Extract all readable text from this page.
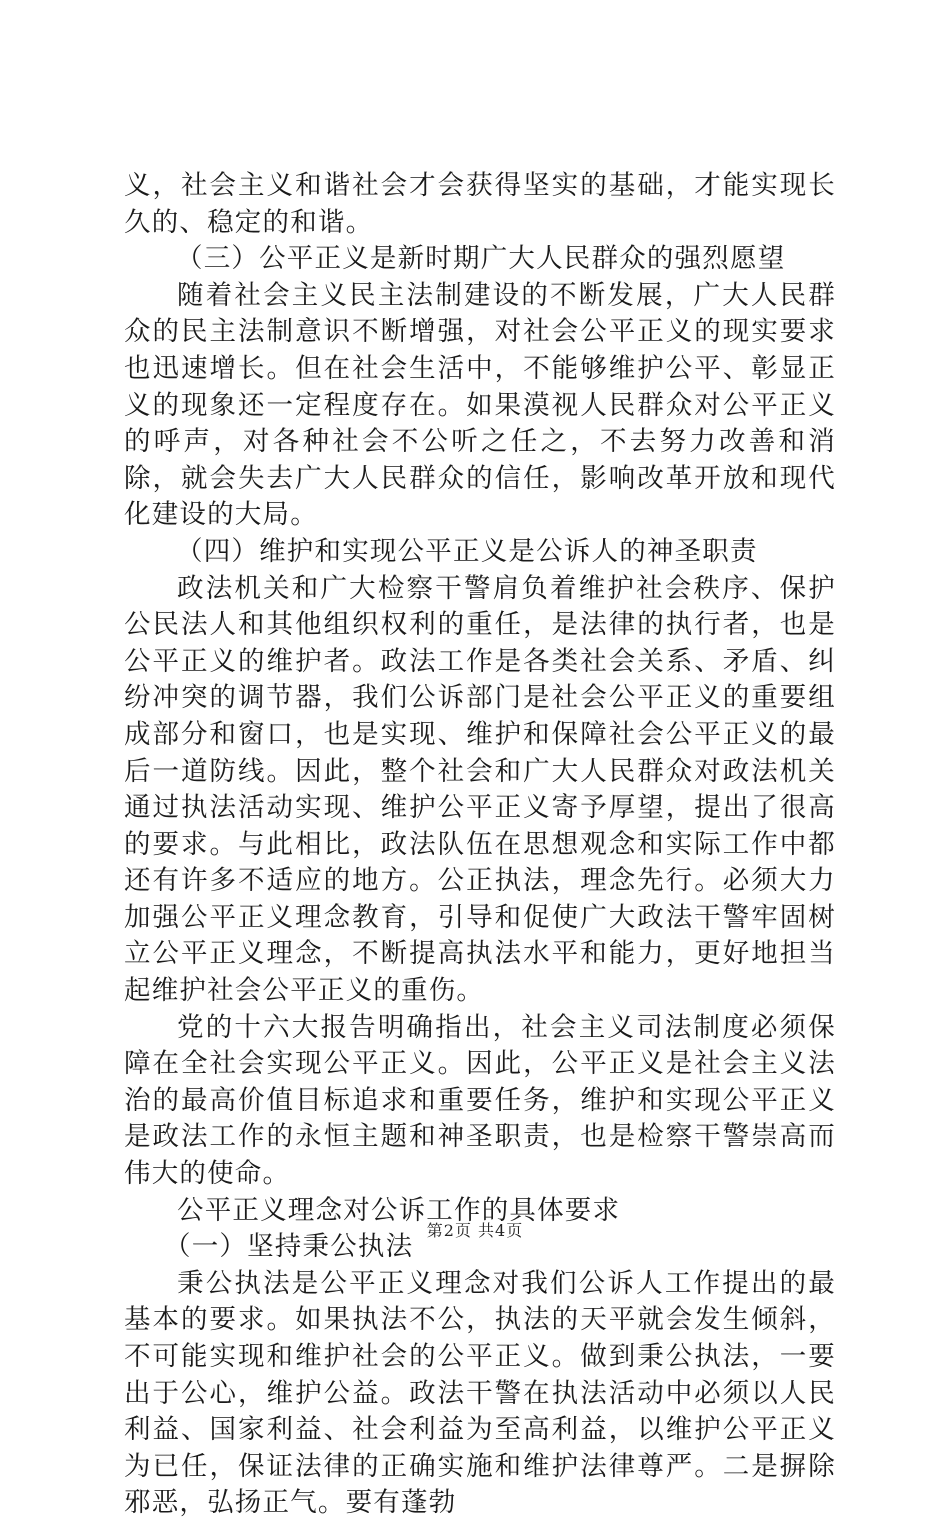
义，社会主义和谐社会才会获得坚实的基础，才能实现长久的、稳定的和谐。

（三）公平正义是新时期广大人民群众的强烈愿望

随着社会主义民主法制建设的不断发展，广大人民群众的民主法制意识不断增强，对社会公平正义的现实要求也迅速增长。但在社会生活中，不能够维护公平、彰显正义的现象还一定程度存在。如果漠视人民群众对公平正义的呼声，对各种社会不公听之任之，不去努力改善和消除，就会失去广大人民群众的信任，影响改革开放和现代化建设的大局。

（四）维护和实现公平正义是公诉人的神圣职责

政法机关和广大检察干警肩负着维护社会秩序、保护公民法人和其他组织权利的重任，是法律的执行者，也是公平正义的维护者。政法工作是各类社会关系、矛盾、纠纷冲突的调节器，我们公诉部门是社会公平正义的重要组成部分和窗口，也是实现、维护和保障社会公平正义的最后一道防线。因此，整个社会和广大人民群众对政法机关通过执法活动实现、维护公平正义寄予厚望，提出了很高的要求。与此相比，政法队伍在思想观念和实际工作中都还有许多不适应的地方。公正执法，理念先行。必须大力加强公平正义理念教育，引导和促使广大政法干警牢固树立公平正义理念，不断提高执法水平和能力，更好地担当起维护社会公平正义的重伤。

党的十六大报告明确指出，社会主义司法制度必须保障在全社会实现公平正义。因此，公平正义是社会主义法治的最高价值目标追求和重要任务，维护和实现公平正义是政法工作的永恒主题和神圣职责，也是检察干警崇高而伟大的使命。

公平正义理念对公诉工作的具体要求

（一）坚持秉公执法

秉公执法是公平正义理念对我们公诉人工作提出的最基本的要求。如果执法不公，执法的天平就会发生倾斜，不可能实现和维护社会的公平正义。做到秉公执法，一要出于公心，维护公益。政法干警在执法活动中必须以人民利益、国家利益、社会利益为至高利益，以维护公平正义为已任，保证法律的正确实施和维护法律尊严。二是摒除邪恶，弘扬正气。要有蓬勃

第2页 共4页
